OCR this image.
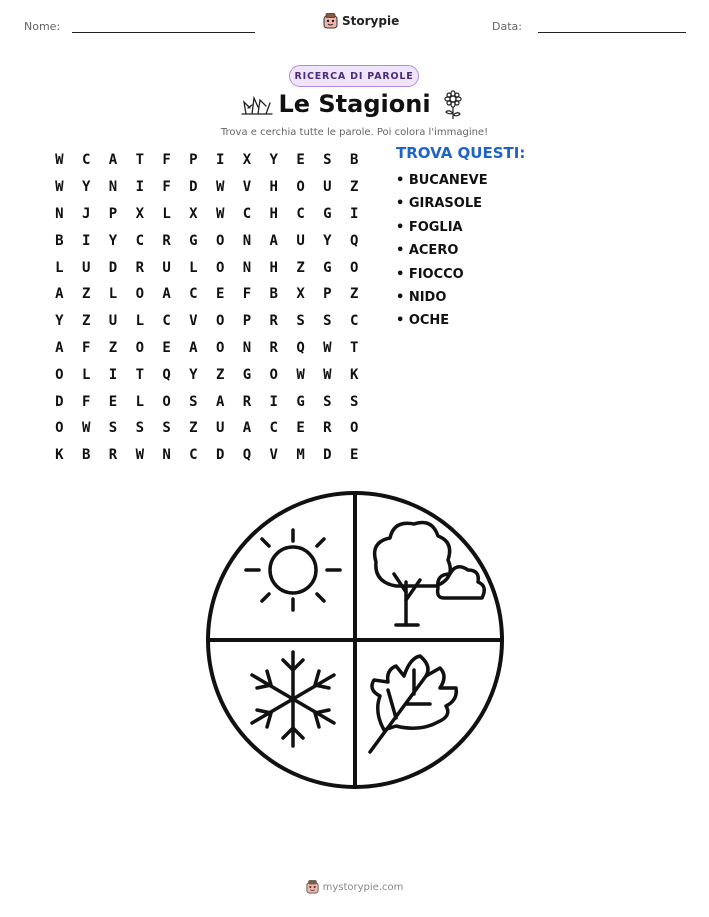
Nome:	Storypie	Data:
RICERCA DI PAROLE
Le Stagioni
Trova e cerchia tutte le parole. Poi colora l'immagine!
W	C	A	T	F	P	I	X	Y	E	S	B
W	Y	N	I	F	D	W	V	H	O	U	Z
N	J	P	X	L	X	W	C	H	C	G	I
B	I	Y	C	R	G	O	N	A	U	Y	Q
L	U	D	R	U	L	O	N	H	Z	G	O
A	Z	L	O	A	C	E	F	B	X	P	Z
Y	Z	U	L	C	V	O	P	R	S	S	C
A	F	Z	O	E	A	O	N	R	Q	W	T
O	L	I	T	Q	Y	Z	G	O	W	W	K
D	F	E	L	O	S	A	R	I	G	S	S
O	W	S	S	S	Z	U	A	C	E	R	O
K	B	R	W	N	C	D	Q	V	M	D	E
TROVA QUESTI:
• BUCANEVE
• GIRASOLE
• FOGLIA
• ACERO
• FIOCCO
• NIDO
• OCHE
mystorypie.com
